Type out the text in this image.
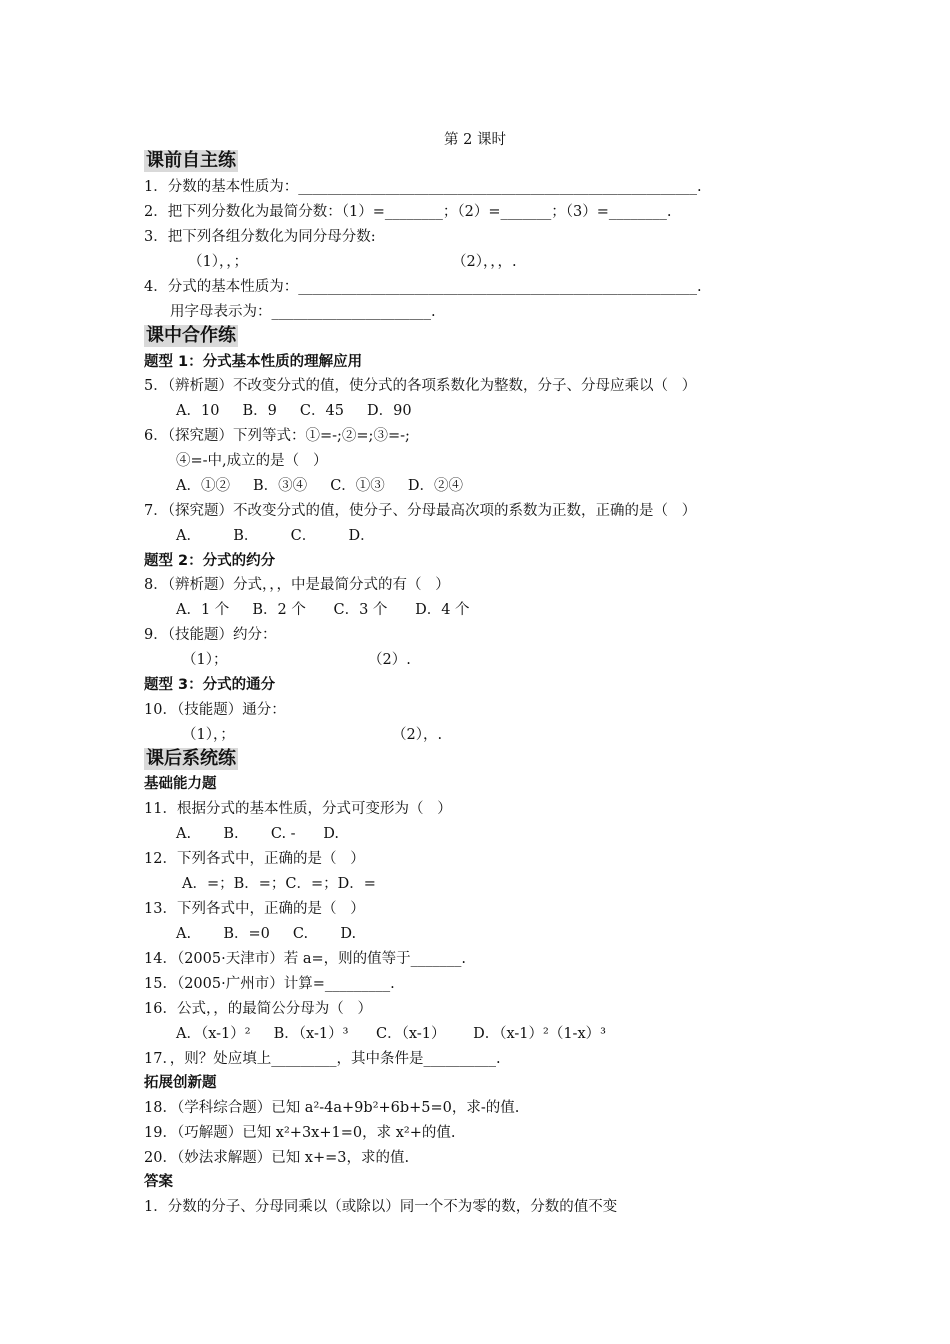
第 2 课时
课前自主练
1．分数的基本性质为：_______________________________________________________.
2．把下列分数化为最简分数：（1）=________；（2）=_______；（3）=________.
3．把下列各组分数化为同分母分数:
（1），，；	（2），，，.
4．分式的基本性质为：_______________________________________________________.
用字母表示为：______________________.
课中合作练
题型 1：分式基本性质的理解应用
5．（辨析题）不改变分式的值，使分式的各项系数化为整数，分子、分母应乘以（   ）
A．10     B．9     C．45     D．90
6．（探究题）下列等式：①=-;②=;③=-;
④=-中,成立的是（   ）
A．①②     B．③④     C．①③     D．②④
7．（探究题）不改变分式的值，使分子、分母最高次项的系数为正数，正确的是（   ）
A．       B．       C．       D．
题型 2：分式的约分
8．（辨析题）分式，，，中是最简分式的有（   ）
A．1 个     B．2 个      C．3 个      D．4 个
9．（技能题）约分：
（1）；	（2）.
题型 3：分式的通分
10．（技能题）通分：
（1），；	（2），.
课后系统练
基础能力题
11．根据分式的基本性质，分式可变形为（   ）
A.       B.       C. -      D.
12．下列各式中，正确的是（   ）
A．=；B．=；C．=；D．=
13．下列各式中，正确的是（   ）
A.       B．=0     C.       D.
14．（2005·天津市）若 a=，则的值等于_______.
15．（2005·广州市）计算=_________.
16．公式，，的最简公分母为（   ）
A．（x-1）²     B．（x-1）³      C．（x-1）      D．（x-1）²（1-x）³
17．，则？处应填上_________，其中条件是__________.
拓展创新题
18．（学科综合题）已知 a²-4a+9b²+6b+5=0，求-的值.
19．（巧解题）已知 x²+3x+1=0，求 x²+的值.
20．（妙法求解题）已知 x+=3，求的值.
答案
1．分数的分子、分母同乘以（或除以）同一个不为零的数，分数的值不变
